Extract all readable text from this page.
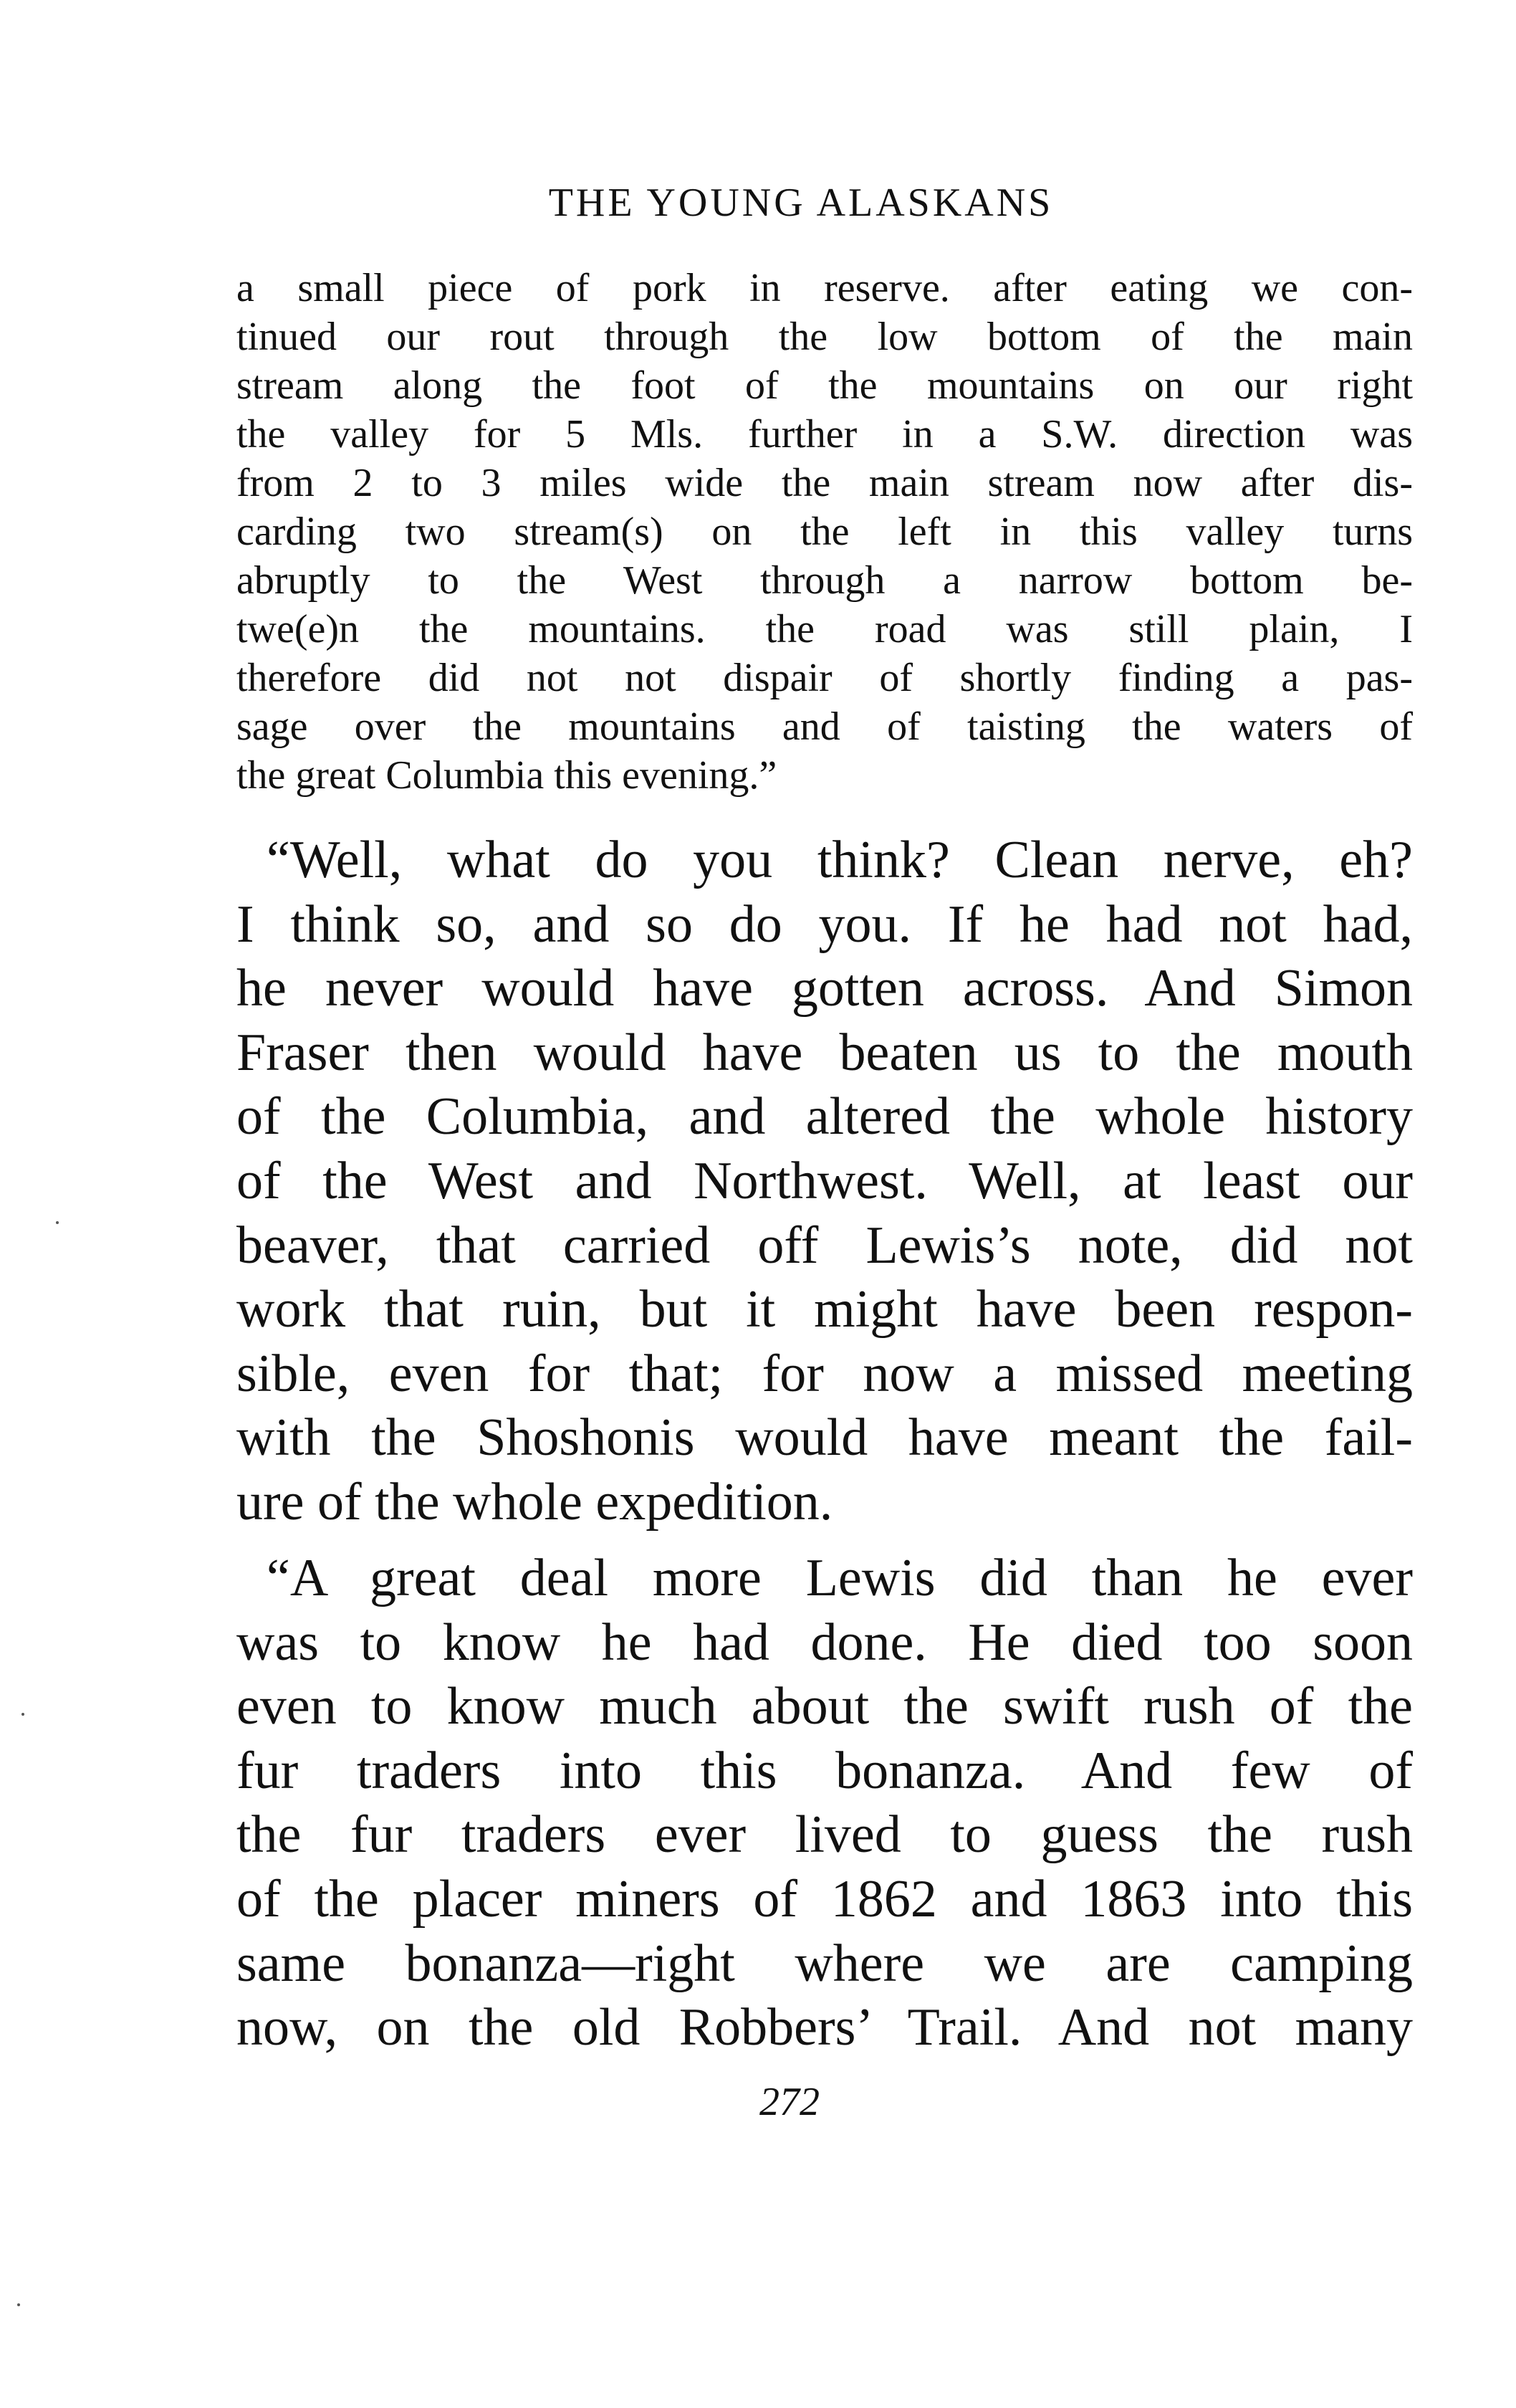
THE YOUNG ALASKANS
a small piece of pork in reserve. after eating we con-
tinued our rout through the low bottom of the main
stream along the foot of the mountains on our right
the valley for 5 Mls. further in a S.W. direction was
from 2 to 3 miles wide the main stream now after dis-
carding two stream(s) on the left in this valley turns
abruptly to the West through a narrow bottom be-
twe(e)n the mountains. the road was still plain, I
therefore did not not dispair of shortly finding a pas-
sage over the mountains and of taisting the waters of
the great Columbia this evening.”
“Well, what do you think? Clean nerve, eh?
I think so, and so do you. If he had not had,
he never would have gotten across. And Simon
Fraser then would have beaten us to the mouth
of the Columbia, and altered the whole history
of the West and Northwest. Well, at least our
beaver, that carried off Lewis’s note, did not
work that ruin, but it might have been respon-
sible, even for that; for now a missed meeting
with the Shoshonis would have meant the fail-
ure of the whole expedition.
“A great deal more Lewis did than he ever
was to know he had done. He died too soon
even to know much about the swift rush of the
fur traders into this bonanza. And few of
the fur traders ever lived to guess the rush
of the placer miners of 1862 and 1863 into this
same bonanza—right where we are camping
now, on the old Robbers’ Trail. And not many
272
